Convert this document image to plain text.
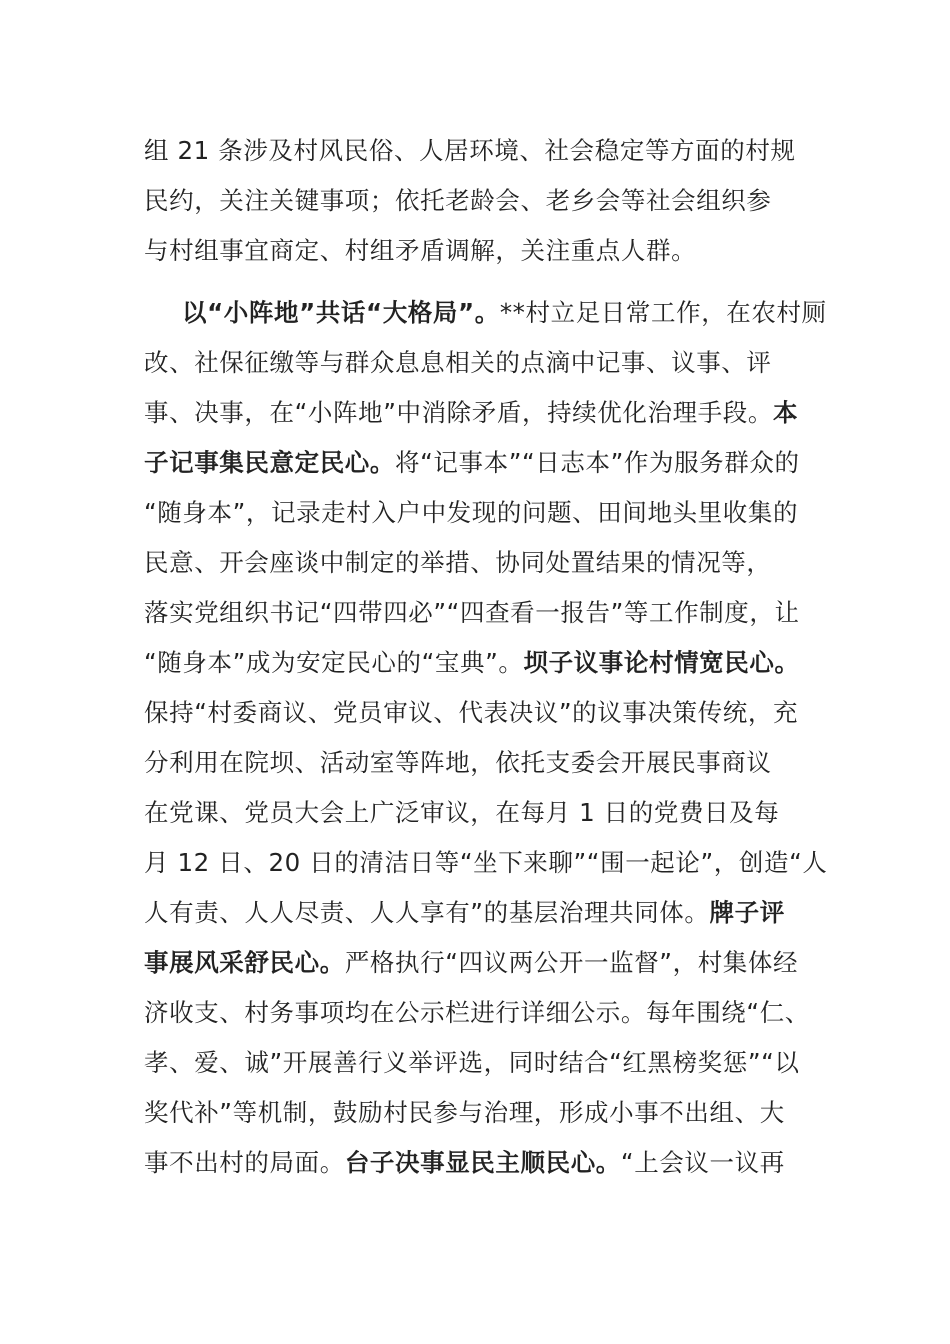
组 21 条涉及村风民俗、人居环境、社会稳定等方面的村规
民约，关注关键事项；依托老龄会、老乡会等社会组织参
与村组事宜商定、村组矛盾调解，关注重点人群。
以“小阵地”共话“大格局”。**村立足日常工作，在农村厕
改、社保征缴等与群众息息相关的点滴中记事、议事、评
事、决事，在“小阵地”中消除矛盾，持续优化治理手段。本
子记事集民意定民心。将“记事本”“日志本”作为服务群众的
“随身本”，记录走村入户中发现的问题、田间地头里收集的
民意、开会座谈中制定的举措、协同处置结果的情况等，
落实党组织书记“四带四必”“四查看一报告”等工作制度，让
“随身本”成为安定民心的“宝典”。坝子议事论村情宽民心。
保持“村委商议、党员审议、代表决议”的议事决策传统，充
分利用在院坝、活动室等阵地，依托支委会开展民事商议
在党课、党员大会上广泛审议，在每月 1 日的党费日及每
月 12 日、20 日的清洁日等“坐下来聊”“围一起论”，创造“人
人有责、人人尽责、人人享有”的基层治理共同体。牌子评
事展风采舒民心。严格执行“四议两公开一监督”，村集体经
济收支、村务事项均在公示栏进行详细公示。每年围绕“仁、
孝、爱、诚”开展善行义举评选，同时结合“红黑榜奖惩”“以
奖代补”等机制，鼓励村民参与治理，形成小事不出组、大
事不出村的局面。台子决事显民主顺民心。“上会议一议再
